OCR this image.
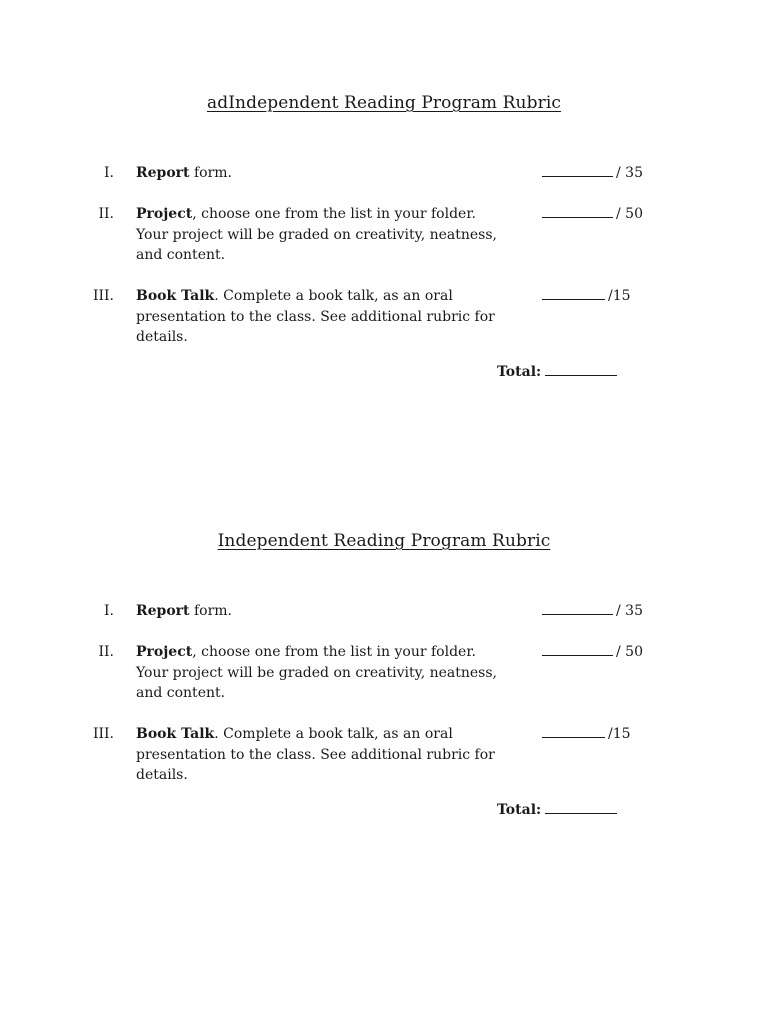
adIndependent Reading Program Rubric
I. Report form.	/ 35
II. Project, choose one from the list in your folder. Your project will be graded on creativity, neatness, and content.
/ 50
III. Book Talk. Complete a book talk, as an oral presentation to the class. See additional rubric for details.
/15
Total:
Independent Reading Program Rubric
I. Report form.	/ 35
II. Project, choose one from the list in your folder. Your project will be graded on creativity, neatness, and content.
/ 50
III. Book Talk. Complete a book talk, as an oral presentation to the class. See additional rubric for details.
/15
Total:
